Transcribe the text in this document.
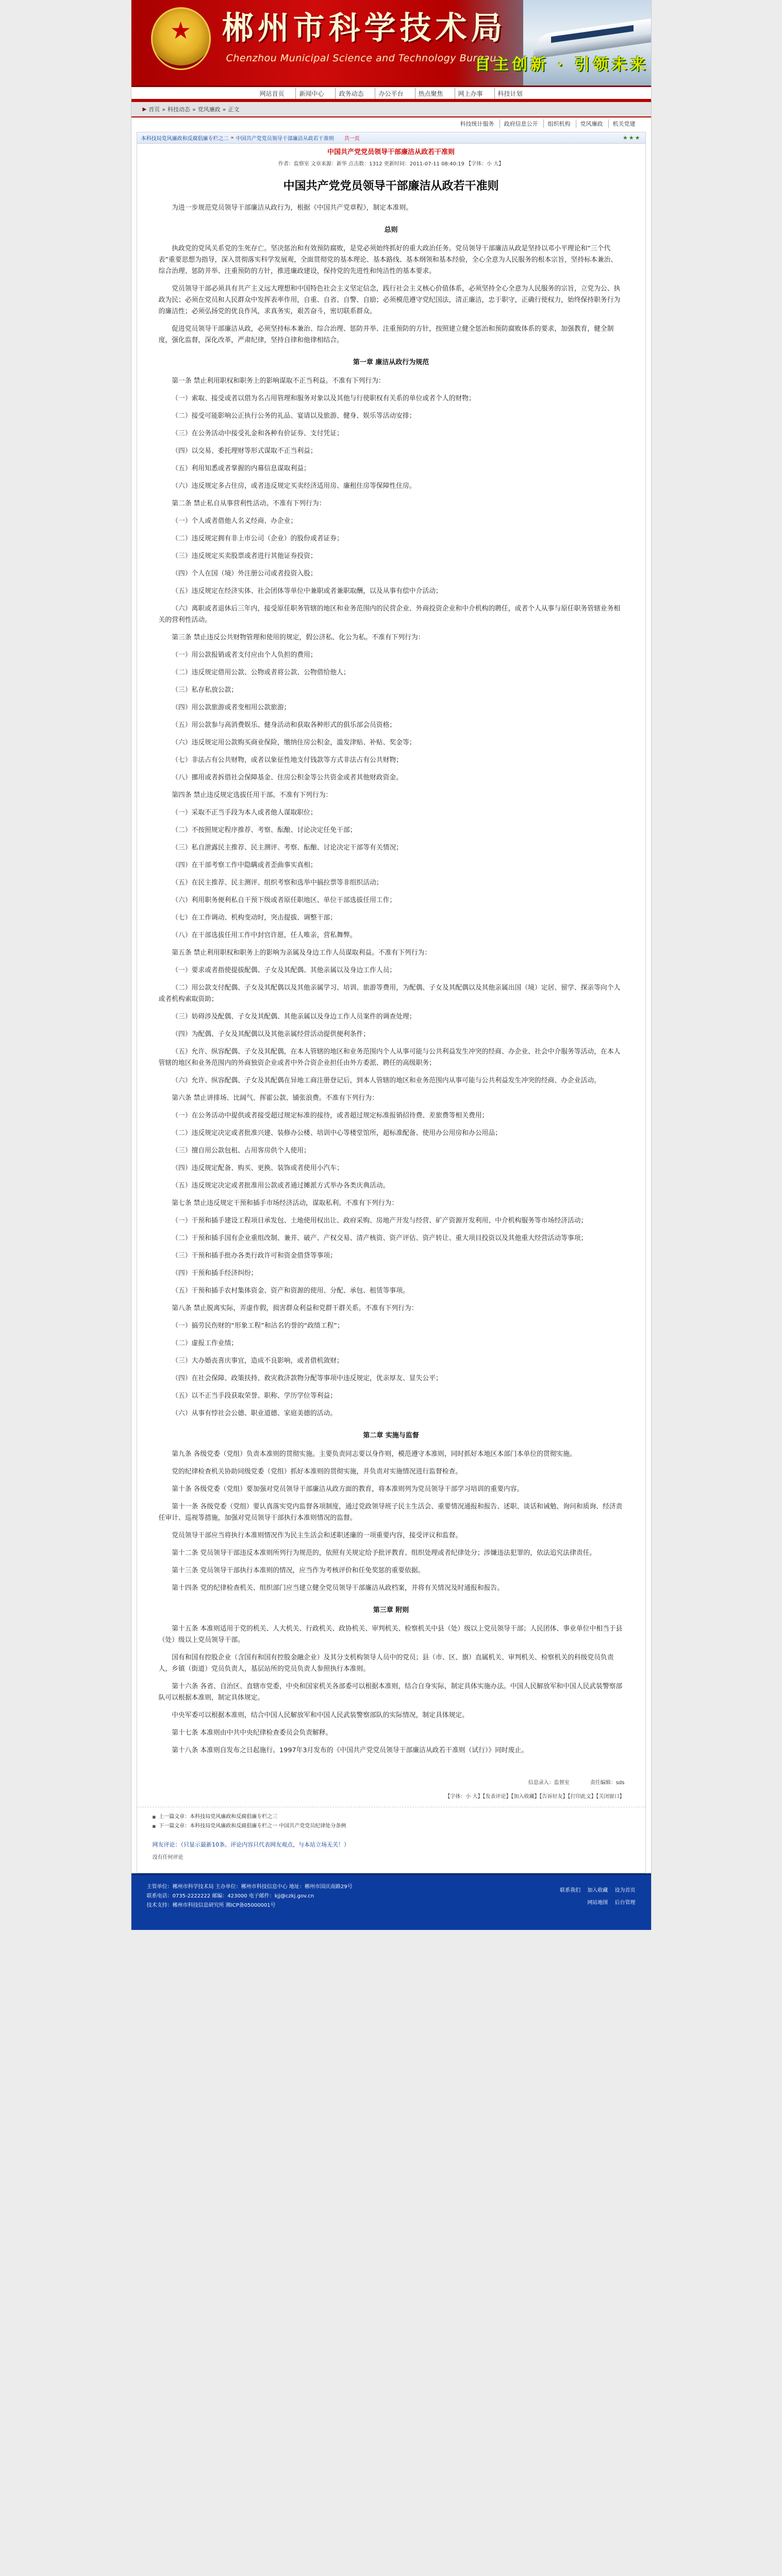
★ 郴州市科学技术局
Chenzhou Municipal Science and Technology Bureau
自主创新 · 引领未来
网站首页	新闻中心	政务动态	办公平台	热点聚焦	网上办事	科技计划
▶ 首页 » 科技动态 » 党风廉政 » 正文
科技统计服务	政府信息公开	组织机构	党风廉政	机关党建
本科技局党风廉政和反腐倡廉专栏之二 » 中国共产党党员领导干部廉洁从政若干准则 共一页	★★★
中国共产党党员领导干部廉洁从政若干准则
作者：监察室 文章来源：新华 点击数：1312 更新时间：2011-07-11 08:40:19 【字体：小 大】
中国共产党党员领导干部廉洁从政若干准则

为进一步规范党员领导干部廉洁从政行为，根据《中国共产党章程》，制定本准则。

总则

执政党的党风关系党的生死存亡。坚决惩治和有效预防腐败，是党必须始终抓好的重大政治任务。党员领导干部廉洁从政是坚持以邓小平理论和“三个代表”重要思想为指导，深入贯彻落实科学发展观，全面贯彻党的基本理论、基本路线、基本纲领和基本经验，全心全意为人民服务的根本宗旨，坚持标本兼治、综合治理、惩防并举、注重预防的方针，推进廉政建设，保持党的先进性和纯洁性的基本要求。

党员领导干部必须具有共产主义远大理想和中国特色社会主义坚定信念，践行社会主义核心价值体系，必须坚持全心全意为人民服务的宗旨，立党为公、执政为民；必须在党员和人民群众中发挥表率作用，自重、自省、自警、自励；必须模范遵守党纪国法，清正廉洁，忠于职守，正确行使权力，始终保持职务行为的廉洁性；必须弘扬党的优良作风，求真务实，艰苦奋斗，密切联系群众。

促进党员领导干部廉洁从政，必须坚持标本兼治、综合治理、惩防并举、注重预防的方针，按照建立健全惩治和预防腐败体系的要求，加强教育，健全制度，强化监督，深化改革，严肃纪律，坚持自律和他律相结合。

第一章 廉洁从政行为规范

第一条 禁止利用职权和职务上的影响谋取不正当利益。不准有下列行为：

（一）索取、接受或者以借为名占用管理和服务对象以及其他与行使职权有关系的单位或者个人的财物；

（二）接受可能影响公正执行公务的礼品、宴请以及旅游、健身、娱乐等活动安排；

（三）在公务活动中接受礼金和各种有价证券、支付凭证；

（四）以交易、委托理财等形式谋取不正当利益；

（五）利用知悉或者掌握的内幕信息谋取利益；

（六）违反规定多占住房，或者违反规定买卖经济适用房、廉租住房等保障性住房。

第二条 禁止私自从事营利性活动。不准有下列行为：

（一）个人或者借他人名义经商、办企业；

（二）违反规定拥有非上市公司（企业）的股份或者证券；

（三）违反规定买卖股票或者进行其他证券投资；

（四）个人在国（境）外注册公司或者投资入股；

（五）违反规定在经济实体、社会团体等单位中兼职或者兼职取酬，以及从事有偿中介活动；

（六）离职或者退休后三年内，接受原任职务管辖的地区和业务范围内的民营企业、外商投资企业和中介机构的聘任，或者个人从事与原任职务管辖业务相关的营利性活动。

第三条 禁止违反公共财物管理和使用的规定，假公济私、化公为私。不准有下列行为：

（一）用公款报销或者支付应由个人负担的费用；

（二）违反规定借用公款、公物或者将公款、公物借给他人；

（三）私存私放公款；

（四）用公款旅游或者变相用公款旅游；

（五）用公款参与高消费娱乐、健身活动和获取各种形式的俱乐部会员资格；

（六）违反规定用公款购买商业保险，缴纳住房公积金，滥发津贴、补贴、奖金等；

（七）非法占有公共财物，或者以象征性地支付钱款等方式非法占有公共财物；

（八）挪用或者拆借社会保障基金、住房公积金等公共资金或者其他财政资金。

第四条 禁止违反规定选拔任用干部。不准有下列行为：

（一）采取不正当手段为本人或者他人谋取职位；

（二）不按照规定程序推荐、考察、酝酿、讨论决定任免干部；

（三）私自泄露民主推荐、民主测评、考察、酝酿、讨论决定干部等有关情况；

（四）在干部考察工作中隐瞒或者歪曲事实真相；

（五）在民主推荐、民主测评、组织考察和选举中搞拉票等非组织活动；

（六）利用职务便利私自干预下级或者原任职地区、单位干部选拔任用工作；

（七）在工作调动、机构变动时，突击提拔、调整干部；

（八）在干部选拔任用工作中封官许愿，任人唯亲，营私舞弊。

第五条 禁止利用职权和职务上的影响为亲属及身边工作人员谋取利益。不准有下列行为：

（一）要求或者指使提拔配偶、子女及其配偶、其他亲属以及身边工作人员；

（二）用公款支付配偶、子女及其配偶以及其他亲属学习、培训、旅游等费用，为配偶、子女及其配偶以及其他亲属出国（境）定居、留学、探亲等向个人或者机构索取资助；

（三）妨碍涉及配偶、子女及其配偶、其他亲属以及身边工作人员案件的调查处理；

（四）为配偶、子女及其配偶以及其他亲属经营活动提供便利条件；

（五）允许、纵容配偶、子女及其配偶，在本人管辖的地区和业务范围内个人从事可能与公共利益发生冲突的经商、办企业、社会中介服务等活动，在本人管辖的地区和业务范围内的外商独资企业或者中外合资企业担任由外方委派、聘任的高级职务；

（六）允许、纵容配偶、子女及其配偶在异地工商注册登记后，到本人管辖的地区和业务范围内从事可能与公共利益发生冲突的经商、办企业活动。

第六条 禁止讲排场、比阔气、挥霍公款、铺张浪费。不准有下列行为：

（一）在公务活动中提供或者接受超过规定标准的接待，或者超过规定标准报销招待费、差旅费等相关费用；

（二）违反规定决定或者批准兴建、装修办公楼、培训中心等楼堂馆所，超标准配备、使用办公用房和办公用品；

（三）擅自用公款包租、占用客房供个人使用；

（四）违反规定配备、购买、更换、装饰或者使用小汽车；

（五）违反规定决定或者批准用公款或者通过摊派方式举办各类庆典活动。

第七条 禁止违反规定干预和插手市场经济活动，谋取私利。不准有下列行为：

（一）干预和插手建设工程项目承发包、土地使用权出让、政府采购、房地产开发与经营、矿产资源开发利用、中介机构服务等市场经济活动；

（二）干预和插手国有企业重组改制、兼并、破产、产权交易、清产核资、资产评估、资产转让、重大项目投资以及其他重大经营活动等事项；

（三）干预和插手批办各类行政许可和资金借贷等事项；

（四）干预和插手经济纠纷；

（五）干预和插手农村集体资金、资产和资源的使用、分配、承包、租赁等事项。

第八条 禁止脱离实际，弄虚作假，损害群众利益和党群干群关系。不准有下列行为：

（一）搞劳民伤财的“形象工程”和沽名钓誉的“政绩工程”；

（二）虚报工作业绩；

（三）大办婚丧喜庆事宜，造成不良影响，或者借机敛财；

（四）在社会保障、政策扶持、救灾救济款物分配等事项中违反规定，优亲厚友、显失公平；

（五）以不正当手段获取荣誉、职称、学历学位等利益；

（六）从事有悖社会公德、职业道德、家庭美德的活动。

第二章 实施与监督

第九条 各级党委（党组）负责本准则的贯彻实施。主要负责同志要以身作则，模范遵守本准则，同时抓好本地区本部门本单位的贯彻实施。

党的纪律检查机关协助同级党委（党组）抓好本准则的贯彻实施，并负责对实施情况进行监督检查。

第十条 各级党委（党组）要加强对党员领导干部廉洁从政方面的教育，将本准则列为党员领导干部学习培训的重要内容。

第十一条 各级党委（党组）要认真落实党内监督各项制度，通过党政领导班子民主生活会、重要情况通报和报告、述职、谈话和诫勉、询问和质询、经济责任审计、巡视等措施，加强对党员领导干部执行本准则情况的监督。

党员领导干部应当将执行本准则情况作为民主生活会和述职述廉的一项重要内容，接受评议和监督。

第十二条 党员领导干部违反本准则所列行为规范的，依照有关规定给予批评教育、组织处理或者纪律处分；涉嫌违法犯罪的，依法追究法律责任。

第十三条 党员领导干部执行本准则的情况，应当作为考核评价和任免奖惩的重要依据。

第十四条 党的纪律检查机关、组织部门应当建立健全党员领导干部廉洁从政档案，并将有关情况及时通报和报告。

第三章 附则

第十五条 本准则适用于党的机关、人大机关、行政机关、政协机关、审判机关、检察机关中县（处）级以上党员领导干部；人民团体、事业单位中相当于县（处）级以上党员领导干部。

国有和国有控股企业（含国有和国有控股金融企业）及其分支机构领导人员中的党员；县（市、区、旗）直属机关、审判机关、检察机关的科级党员负责人，乡镇（街道）党员负责人，基层站所的党员负责人参照执行本准则。

第十六条 各省、自治区、直辖市党委，中央和国家机关各部委可以根据本准则，结合自身实际，制定具体实施办法。中国人民解放军和中国人民武装警察部队可以根据本准则，制定具体规定。

中央军委可以根据本准则，结合中国人民解放军和中国人民武装警察部队的实际情况，制定具体规定。

第十七条 本准则由中共中央纪律检查委员会负责解释。

第十八条 本准则自发布之日起施行。1997年3月发布的《中国共产党党员领导干部廉洁从政若干准则（试行）》同时废止。

信息录入：监督室	责任编辑：sds
【字体：小 大】【发表评论】【加入收藏】【告诉好友】【打印此文】【关闭窗口】
■ 上一篇文章：本科技局党风廉政和反腐倡廉专栏之三
■ 下一篇文章：本科技局党风廉政和反腐倡廉专栏之一 中国共产党党员纪律处分条例
网友评论：（只显示最新10条。评论内容只代表网友观点，与本站立场无关！）
没有任何评论
主管单位：郴州市科学技术局 主办单位：郴州市科技信息中心 地址：郴州市国庆南路29号
联系电话：0735-2222222 邮编：423000 电子邮件：kjj@czkj.gov.cn
技术支持：郴州市科技信息研究所 湘ICP备05000001号
联系我们 加入收藏 设为首页
网站地图 后台管理
